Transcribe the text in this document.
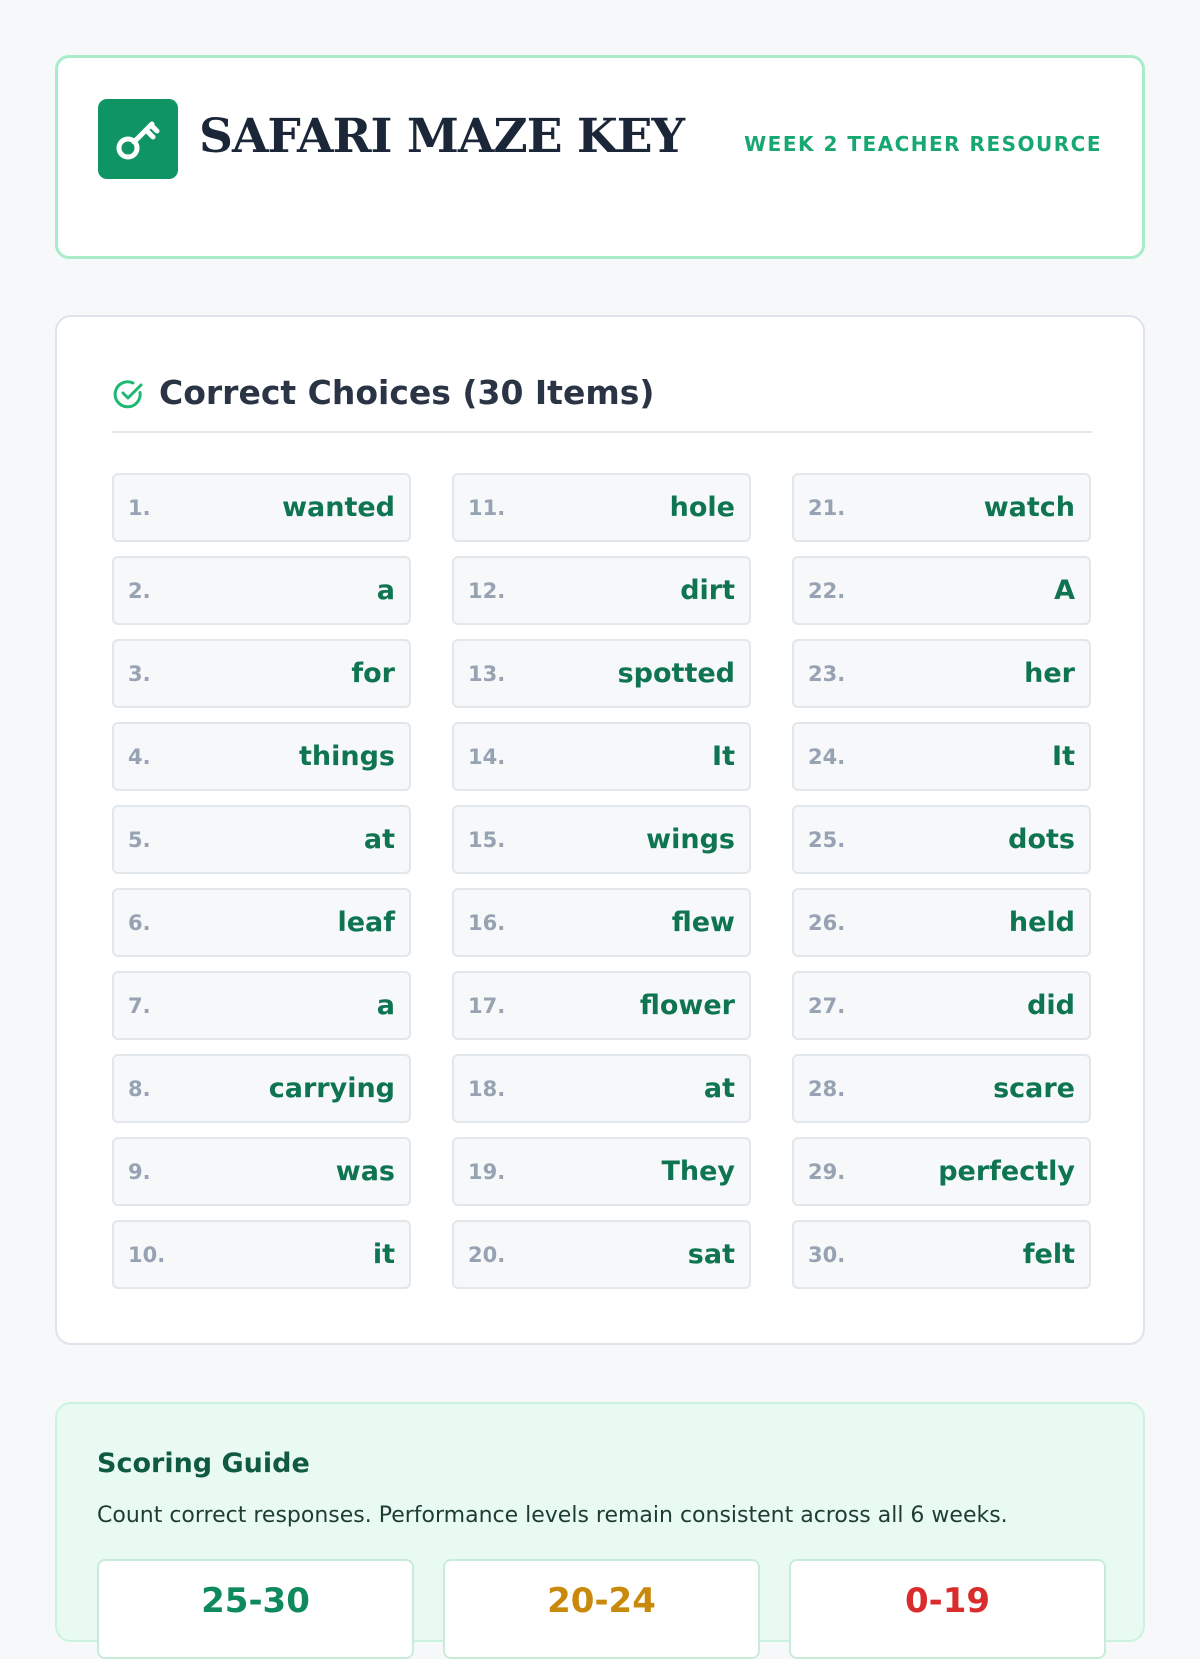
SAFARI MAZE KEY	WEEK 2 TEACHER RESOURCE
Correct Choices (30 Items)
1.	wanted
2.	a
3.	for
4.	things
5.	at
6.	leaf
7.	a
8.	carrying
9.	was
10.	it
11.	hole
12.	dirt
13.	spotted
14.	It
15.	wings
16.	flew
17.	flower
18.	at
19.	They
20.	sat
21.	watch
22.	A
23.	her
24.	It
25.	dots
26.	held
27.	did
28.	scare
29.	perfectly
30.	felt
Scoring Guide
Count correct responses. Performance levels remain consistent across all 6 weeks.
25-30	20-24	0-19
